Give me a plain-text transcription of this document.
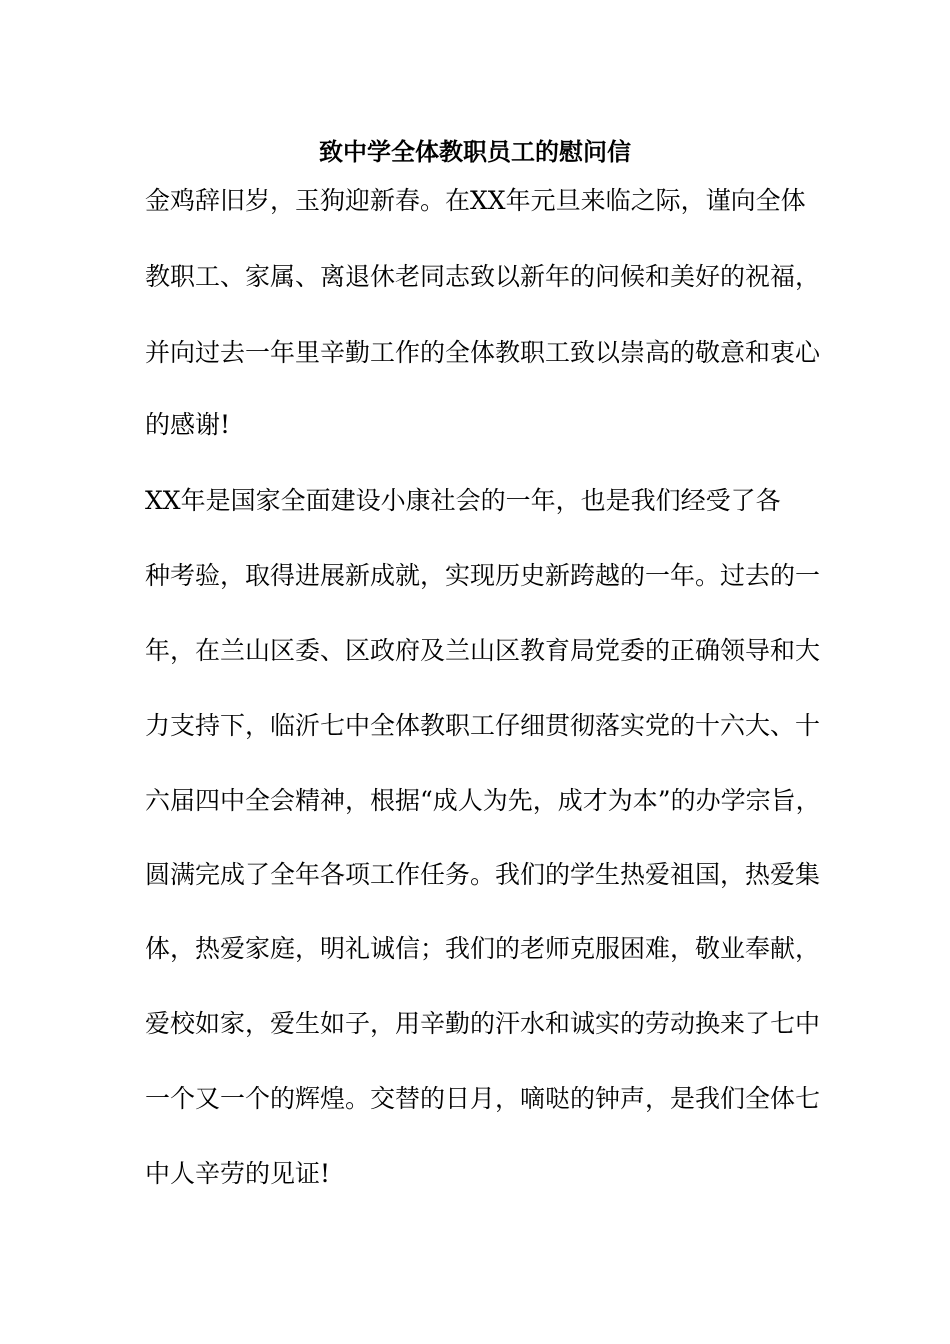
致中学全体教职员工的慰问信

金鸡辞旧岁，玉狗迎新春。在XX年元旦来临之际，谨向全体

教职工、家属、离退休老同志致以新年的问候和美好的祝福，

并向过去一年里辛勤工作的全体教职工致以崇高的敬意和衷心

的感谢!

XX年是国家全面建设小康社会的一年，也是我们经受了各

种考验，取得进展新成就，实现历史新跨越的一年。过去的一

年，在兰山区委、区政府及兰山区教育局党委的正确领导和大

力支持下，临沂七中全体教职工仔细贯彻落实党的十六大、十

六届四中全会精神，根据“成人为先，成才为本”的办学宗旨，

圆满完成了全年各项工作任务。我们的学生热爱祖国，热爱集

体，热爱家庭，明礼诚信；我们的老师克服困难，敬业奉献，

爱校如家，爱生如子，用辛勤的汗水和诚实的劳动换来了七中

一个又一个的辉煌。交替的日月，嘀哒的钟声，是我们全体七

中人辛劳的见证!
